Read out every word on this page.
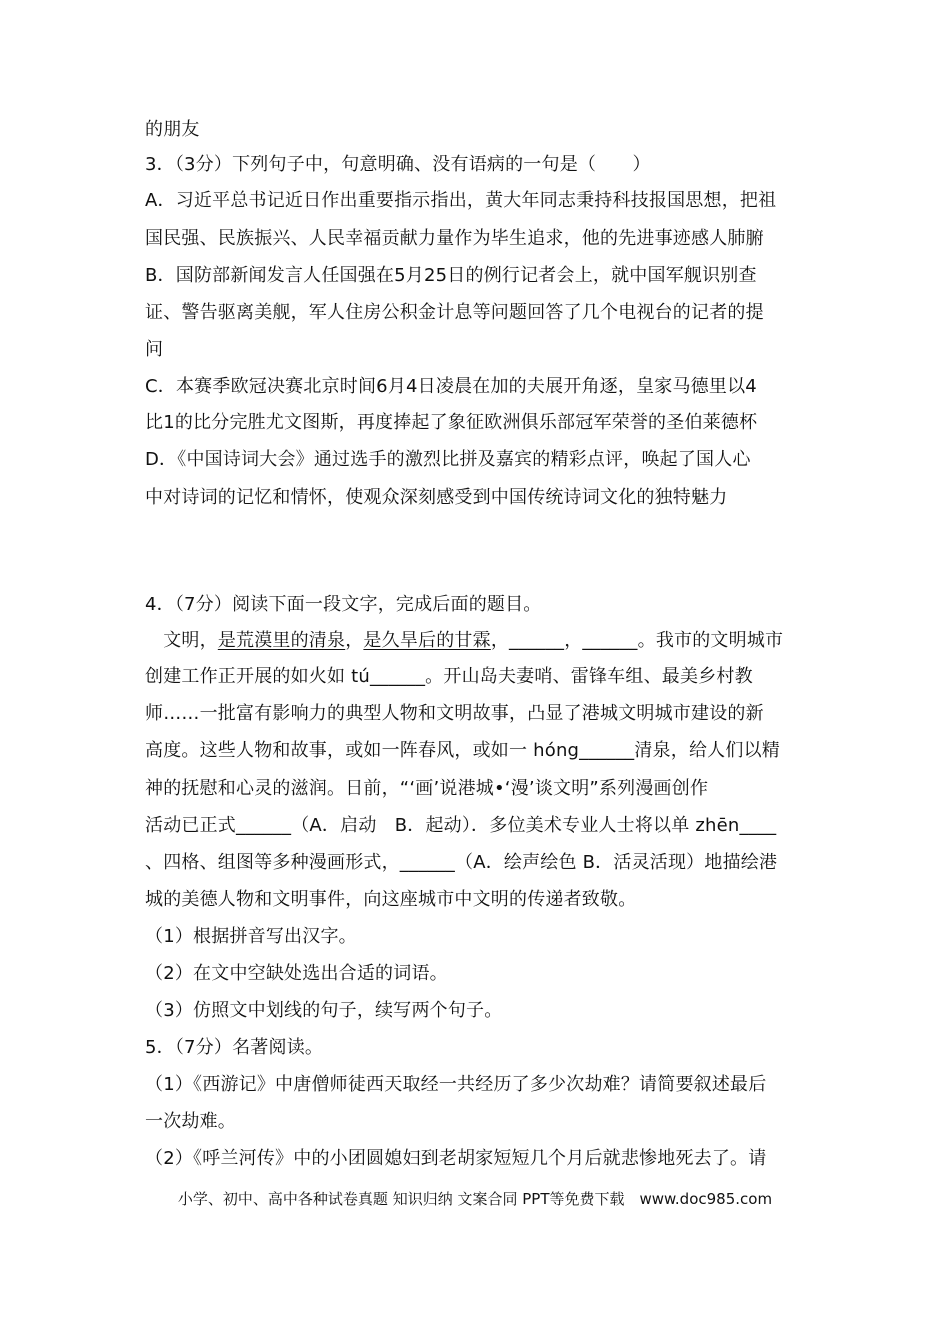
的朋友
3．（3分）下列句子中，句意明确、没有语病的一句是（　　）
A．习近平总书记近日作出重要指示指出，黄大年同志秉持科技报国思想，把祖
国民强、民族振兴、人民幸福贡献力量作为毕生追求，他的先进事迹感人肺腑
B．国防部新闻发言人任国强在5月25日的例行记者会上，就中国军舰识别查
证、警告驱离美舰，军人住房公积金计息等问题回答了几个电视台的记者的提
问
C．本赛季欧冠决赛北京时间6月4日凌晨在加的夫展开角逐，皇家马德里以4
比1的比分完胜尤文图斯，再度捧起了象征欧洲俱乐部冠军荣誉的圣伯莱德杯
D．《中国诗词大会》通过选手的激烈比拼及嘉宾的精彩点评，唤起了国人心
中对诗词的记忆和情怀，使观众深刻感受到中国传统诗词文化的独特魅力
4．（7分）阅读下面一段文字，完成后面的题目。
　文明，是荒漠里的清泉，是久旱后的甘霖，______，______。我市的文明城市
创建工作正开展的如火如 tú______。开山岛夫妻哨、雷锋车组、最美乡村教
师……一批富有影响力的典型人物和文明故事，凸显了港城文明城市建设的新
高度。这些人物和故事，或如一阵春风，或如一 hóng______清泉，给人们以精
神的抚慰和心灵的滋润。日前，“‘画’说港城•‘漫’谈文明”系列漫画创作
活动已正式______（A．启动　B．起动）．多位美术专业人士将以单 zhēn____
、四格、组图等多种漫画形式，______（A．绘声绘色 B．活灵活现）地描绘港
城的美德人物和文明事件，向这座城市中文明的传递者致敬。
（1）根据拼音写出汉字。
（2）在文中空缺处选出合适的词语。
（3）仿照文中划线的句子，续写两个句子。
5．（7分）名著阅读。
（1）《西游记》中唐僧师徒西天取经一共经历了多少次劫难？请简要叙述最后
一次劫难。
（2）《呼兰河传》中的小团圆媳妇到老胡家短短几个月后就悲惨地死去了。请
小学、初中、高中各种试卷真题 知识归纳 文案合同 PPT等免费下载　www.doc985.com
